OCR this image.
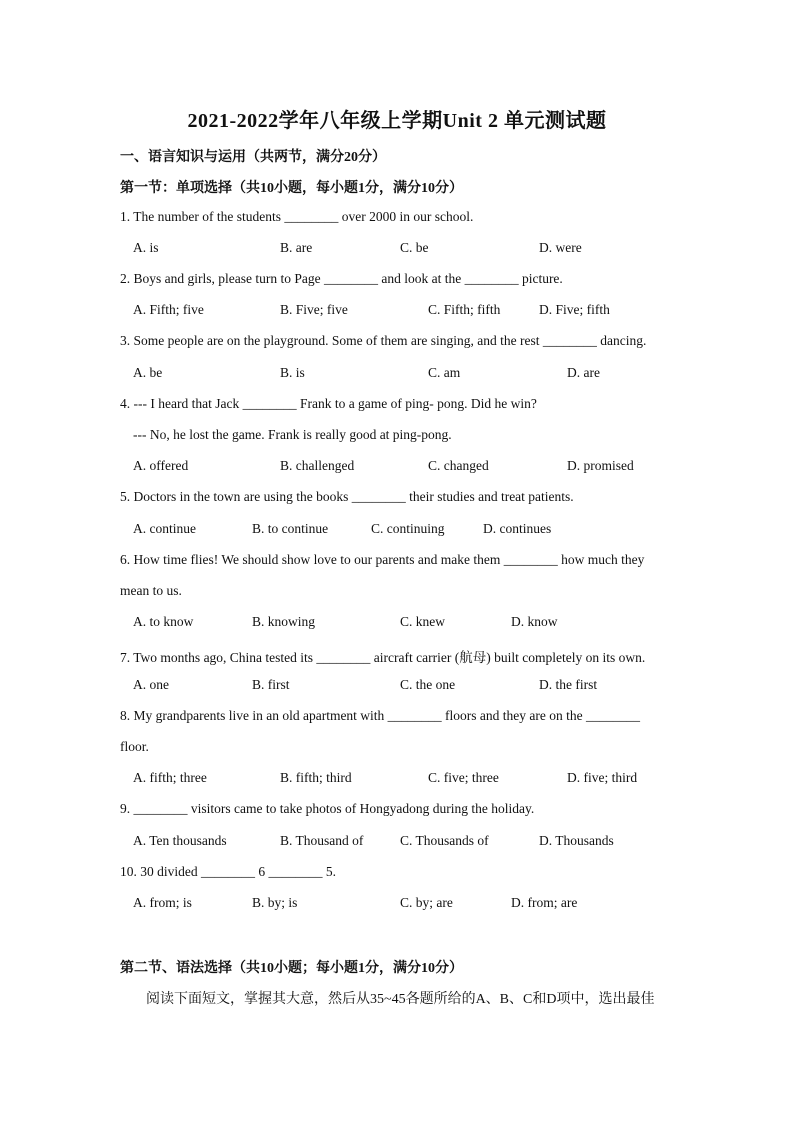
2021-2022学年八年级上学期Unit 2 单元测试题
一、语言知识与运用（共两节，满分20分）
第一节：单项选择（共10小题，每小题1分，满分10分）
1. The number of the students ________ over 2000 in our school.
A. is	B. are	C. be	D. were
2. Boys and girls, please turn to Page ________ and look at the ________ picture.
A. Fifth; five	B. Five; five	C. Fifth; fifth	D. Five; fifth
3. Some people are on the playground. Some of them are singing, and the rest ________ dancing.
A. be	B. is	C. am	D. are
4. --- I heard that Jack ________ Frank to a game of ping- pong. Did he win?
--- No, he lost the game. Frank is really good at ping-pong.
A. offered	B. challenged	C. changed	D. promised
5. Doctors in the town are using the books ________ their studies and treat patients.
A. continue	B. to continue	C. continuing	D. continues
6. How time flies! We should show love to our parents and make them ________ how much they
mean to us.
A. to know	B. knowing	C. knew	D. know
7. Two months ago, China tested its ________ aircraft carrier (航母) built completely on its own.
A. one	B. first	C. the one	D. the first
8. My grandparents live in an old apartment with ________ floors and they are on the ________
floor.
A. fifth; three	B. fifth; third	C. five; three	D. five; third
9. ________ visitors came to take photos of Hongyadong during the holiday.
A. Ten thousands	B. Thousand of	C. Thousands of	D. Thousands
10. 30 divided ________ 6 ________ 5.
A. from; is	B. by; is	C. by; are	D. from; are
第二节、语法选择（共10小题；每小题1分，满分10分）
阅读下面短文，掌握其大意，然后从35~45各题所给的A、B、C和D项中，选出最佳
